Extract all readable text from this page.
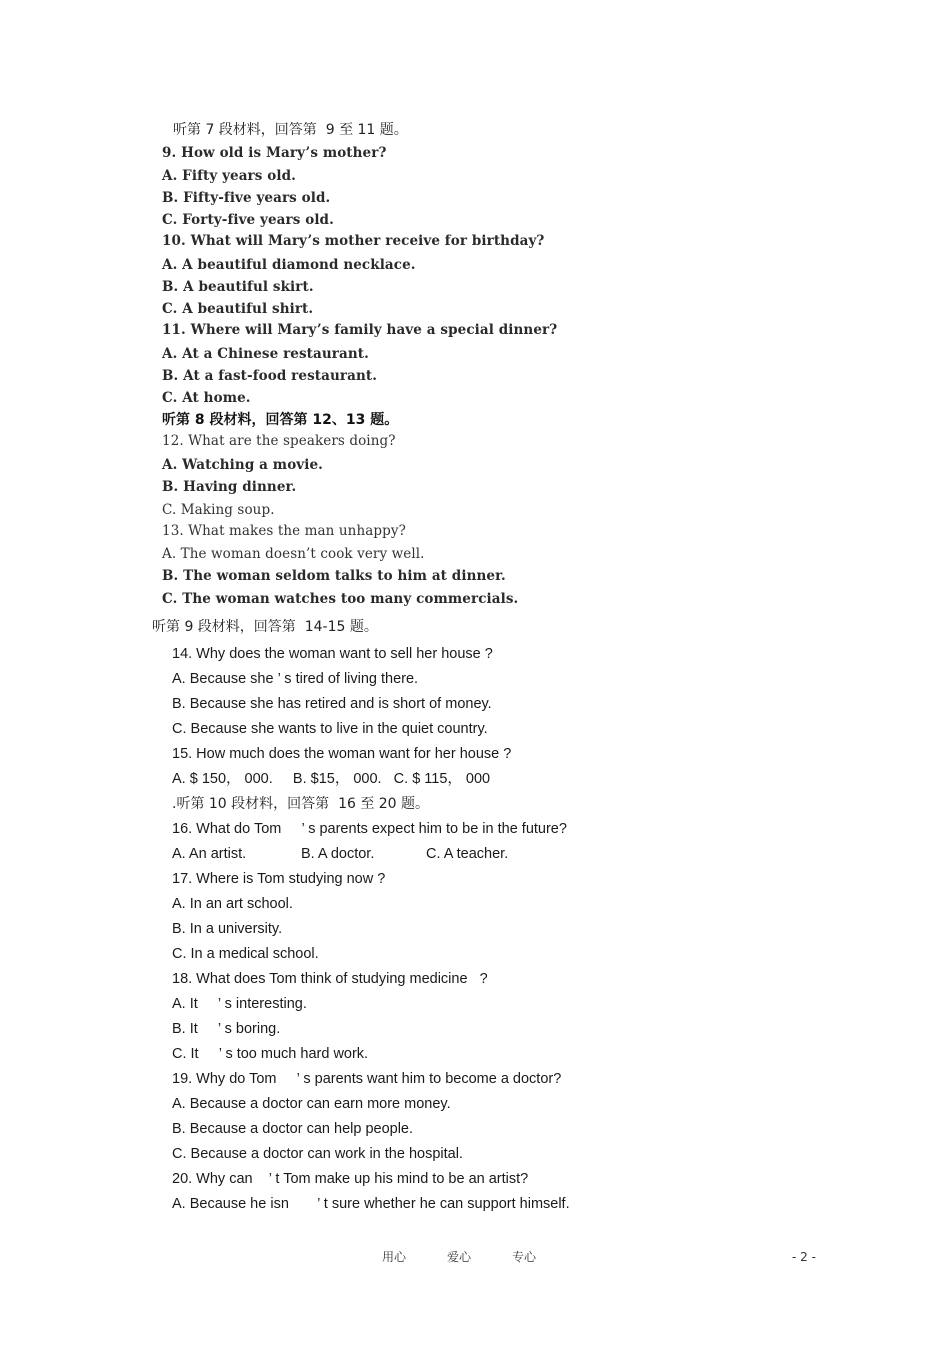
听第 7 段材料，回答第  9 至 11 题。
9. How old is Mary’s mother?
A. Fifty years old.
B. Fifty-five years old.
C. Forty-five years old.
10. What will Mary’s mother receive for birthday?
A. A beautiful diamond necklace.
B. A beautiful skirt.
C. A beautiful shirt.
11. Where will Mary’s family have a special dinner?
A. At a Chinese restaurant.
B. At a fast-food restaurant.
C. At home.
听第 8 段材料，回答第 12、13 题。
12. What are the speakers doing?
A. Watching a movie.
B. Having dinner.
C. Making soup.
13. What makes the man unhappy?
A. The woman doesn’t cook very well.
B. The woman seldom talks to him at dinner.
C. The woman watches too many commercials.
听第 9 段材料，回答第  14-15 题。
14. Why does the woman want to sell her house ?
A. Because she ’ s tired of living there.
B. Because she has retired and is short of money.
C. Because she wants to live in the quiet country.
15. How much does the woman want for her house ?
A. $ 150， 000.     B. $15， 000.   C. $ 115， 000
.听第 10 段材料，回答第  16 至 20 题。
16. What do Tom     ’ s parents expect him to be in the future?
A. An artist.	B. A doctor.	C. A teacher.
17. Where is Tom studying now ?
A. In an art school.
B. In a university.
C. In a medical school.
18. What does Tom think of studying medicine   ?
A. It     ’ s interesting.
B. It     ’ s boring.
C. It     ’ s too much hard work.
19. Why do Tom     ’ s parents want him to become a doctor?
A. Because a doctor can earn more money.
B. Because a doctor can help people.
C. Because a doctor can work in the hospital.
20. Why can    ’ t Tom make up his mind to be an artist?
A. Because he isn       ’ t sure whether he can support himself.
用心	爱心	专心	- 2 -
